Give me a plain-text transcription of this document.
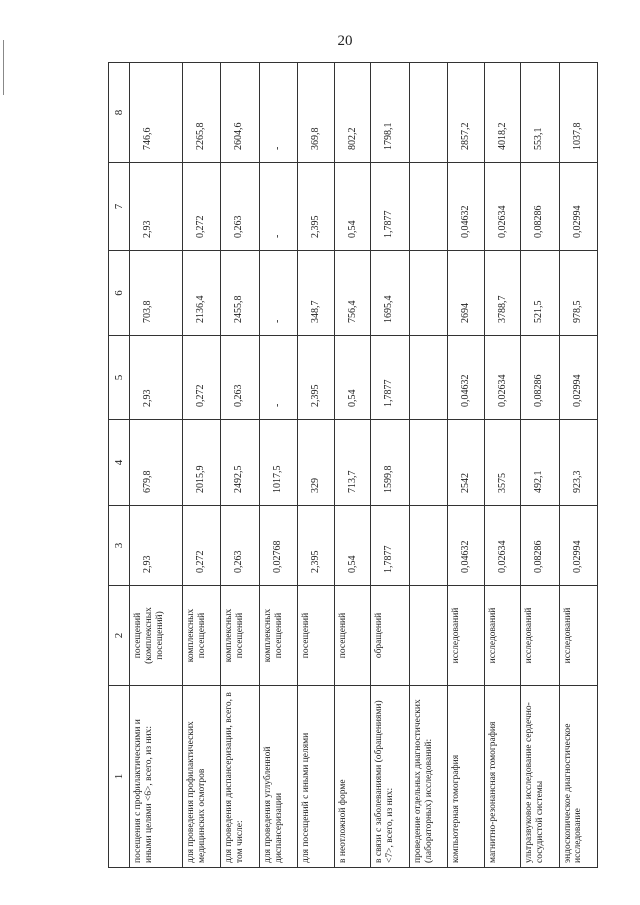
20
1	2	3	4	5	6	7	8
посещения с профилактическими и иными целями <6>, всего, из них:	посещений (комплексных посещений)	2,93	679,8	2,93	703,8	2,93	746,6
для проведения профилактических медицинских осмотров	комплексных посещений	0,272	2015,9	0,272	2136,4	0,272	2265,8
для проведения диспансеризации, всего, в том числе:	комплексных посещений	0,263	2492,5	0,263	2455,8	0,263	2604,6
для проведения углубленной диспансеризации	комплексных посещений	0,02768	1017,5	-	-	-	-
для посещений с иными целями	посещений	2,395	329	2,395	348,7	2,395	369,8
в неотложной форме	посещений	0,54	713,7	0,54	756,4	0,54	802,2
в связи с заболеваниями (обращениями) <7>, всего, из них:	обращений	1,7877	1599,8	1,7877	1695,4	1,7877	1798,1
проведение отдельных диагностических (лабораторных) исследований:							
компьютерная томография	исследований	0,04632	2542	0,04632	2694	0,04632	2857,2
магнитно-резонансная томография	исследований	0,02634	3575	0,02634	3788,7	0,02634	4018,2
ультразвуковое исследование сердечно-сосудистой системы	исследований	0,08286	492,1	0,08286	521,5	0,08286	553,1
эндоскопическое диагностическое исследование	исследований	0,02994	923,3	0,02994	978,5	0,02994	1037,8
